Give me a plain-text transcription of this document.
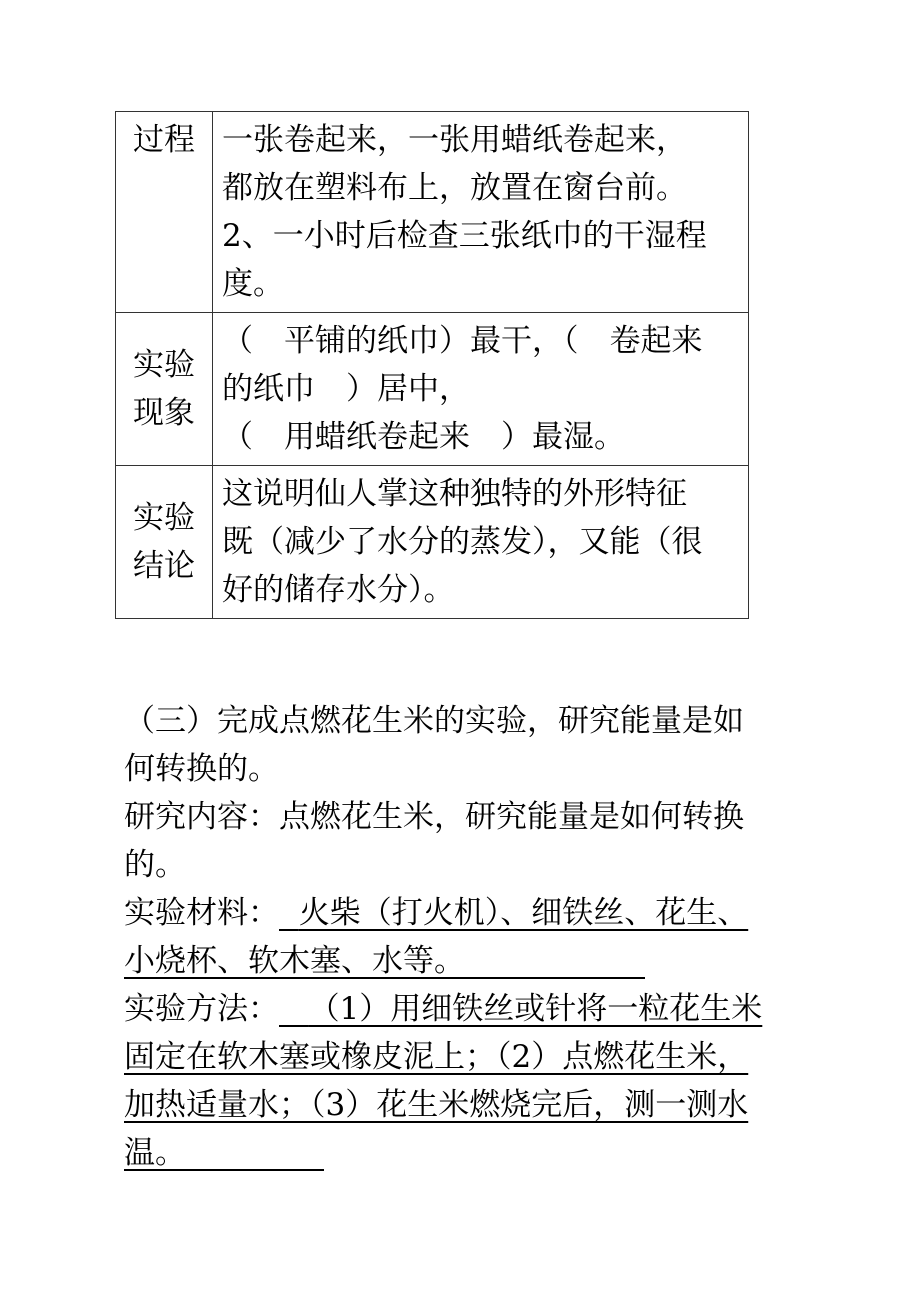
过程	一张卷起来，一张用蜡纸卷起来，
都放在塑料布上，放置在窗台前。
2、一小时后检查三张纸巾的干湿程
度。

实验
现象	（　平铺的纸巾）最干，（　卷起来
的纸巾　）居中，
（　用蜡纸卷起来　）最湿。

实验
结论	这说明仙人掌这种独特的外形特征
既（减少了水分的蒸发），又能（很
好的储存水分）。
（三）完成点燃花生米的实验，研究能量是如
何转换的。
研究内容：点燃花生米，研究能量是如何转换
的。
实验材料： 火柴（打火机）、细铁丝、花生、
小烧杯、软木塞、水等。
实验方法： （1）用细铁丝或针将一粒花生米
固定在软木塞或橡皮泥上；（2）点燃花生米，
加热适量水；（3）花生米燃烧完后，测一测水
温。
